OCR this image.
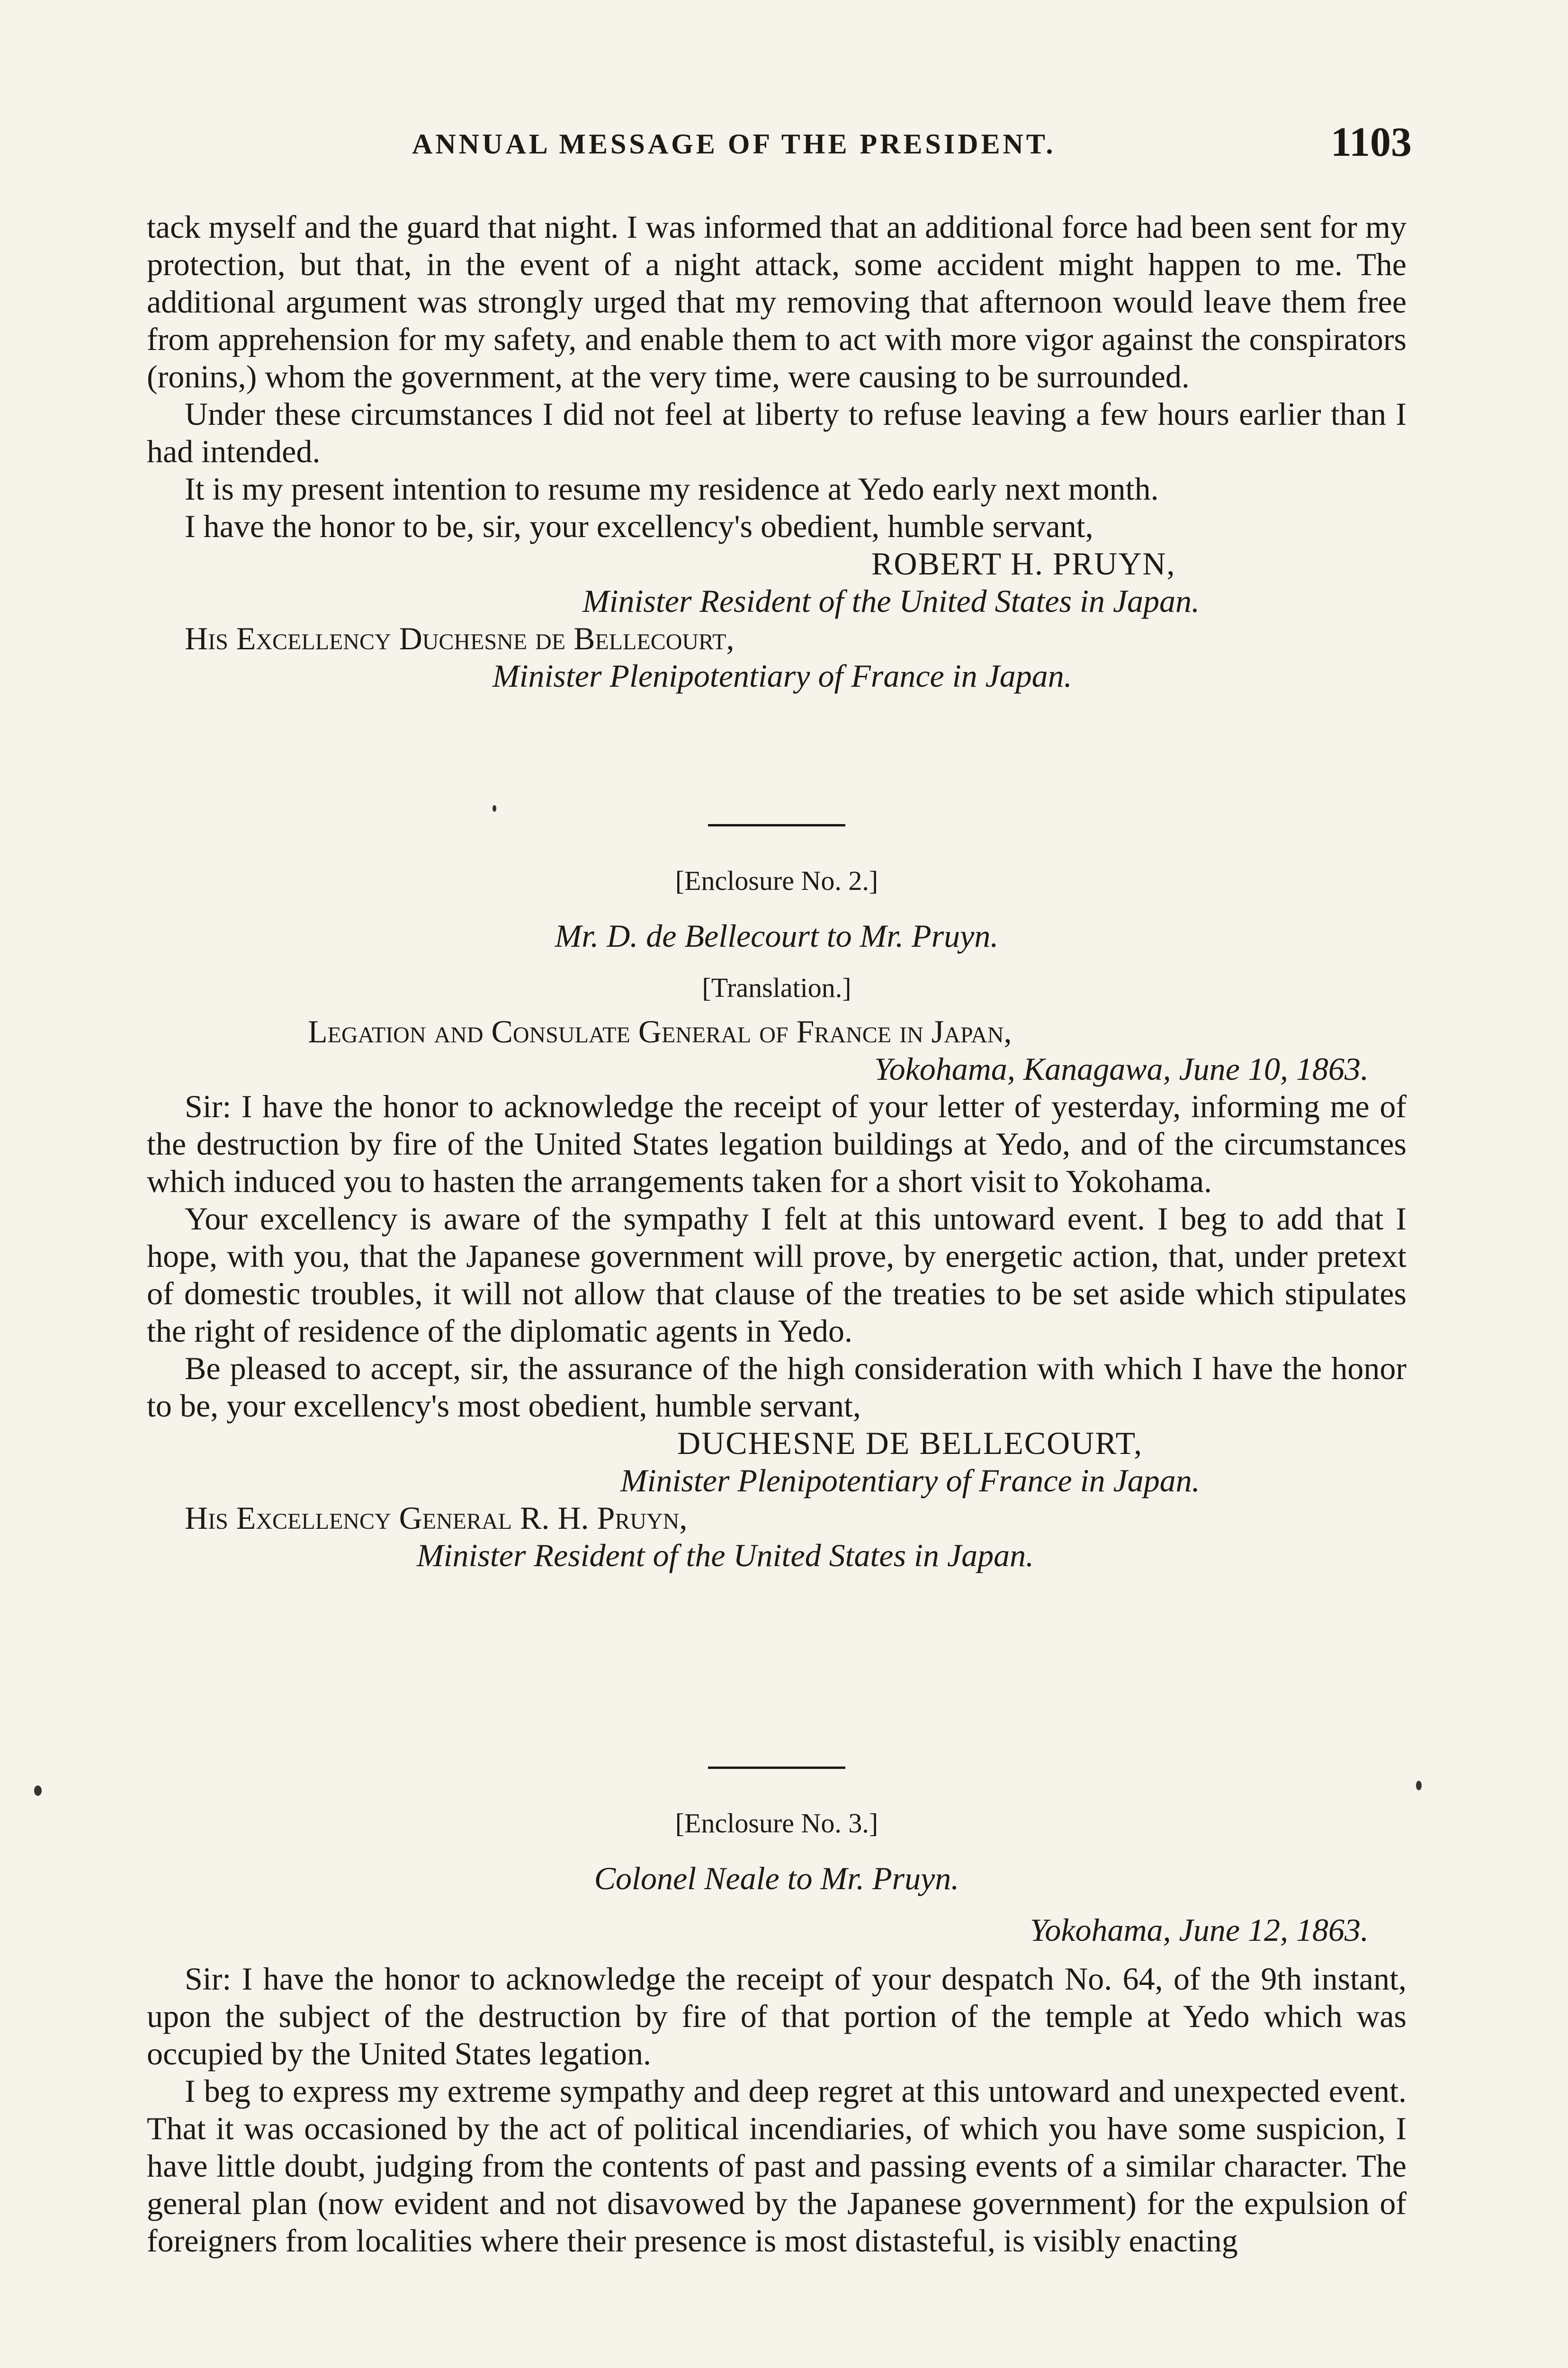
ANNUAL MESSAGE OF THE PRESIDENT.	1103

tack myself and the guard that night. I was informed that an additional force had been sent for my protection, but that, in the event of a night attack, some accident might happen to me. The additional argument was strongly urged that my removing that afternoon would leave them free from apprehension for my safety, and enable them to act with more vigor against the conspirators (ronins,) whom the government, at the very time, were causing to be surrounded.

Under these circumstances I did not feel at liberty to refuse leaving a few hours earlier than I had intended.

It is my present intention to resume my residence at Yedo early next month.

I have the honor to be, sir, your excellency's obedient, humble servant,

ROBERT H. PRUYN,

Minister Resident of the United States in Japan.

His Excellency Duchesne de Bellecourt,

Minister Plenipotentiary of France in Japan.

[Enclosure No. 2.]

Mr. D. de Bellecourt to Mr. Pruyn.

[Translation.]

Legation and Consulate General of France in Japan,

Yokohama, Kanagawa, June 10, 1863.

Sir: I have the honor to acknowledge the receipt of your letter of yesterday, informing me of the destruction by fire of the United States legation buildings at Yedo, and of the circumstances which induced you to hasten the arrangements taken for a short visit to Yokohama.

Your excellency is aware of the sympathy I felt at this untoward event. I beg to add that I hope, with you, that the Japanese government will prove, by energetic action, that, under pretext of domestic troubles, it will not allow that clause of the treaties to be set aside which stipulates the right of residence of the diplomatic agents in Yedo.

Be pleased to accept, sir, the assurance of the high consideration with which I have the honor to be, your excellency's most obedient, humble servant,

DUCHESNE DE BELLECOURT,

Minister Plenipotentiary of France in Japan.

His Excellency General R. H. Pruyn,

Minister Resident of the United States in Japan.

[Enclosure No. 3.]

Colonel Neale to Mr. Pruyn.

Yokohama, June 12, 1863.

Sir: I have the honor to acknowledge the receipt of your despatch No. 64, of the 9th instant, upon the subject of the destruction by fire of that portion of the temple at Yedo which was occupied by the United States legation.

I beg to express my extreme sympathy and deep regret at this untoward and unexpected event. That it was occasioned by the act of political incendiaries, of which you have some suspicion, I have little doubt, judging from the contents of past and passing events of a similar character. The general plan (now evident and not disavowed by the Japanese government) for the expulsion of foreigners from localities where their presence is most distasteful, is visibly enacting
